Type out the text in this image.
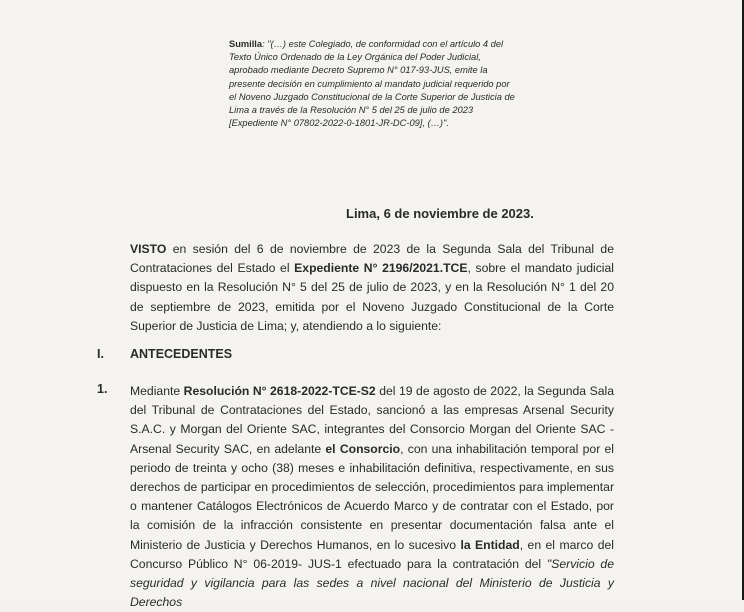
Sumilla: "(…) este Colegiado, de conformidad con el artículo 4 del Texto Único Ordenado de la Ley Orgánica del Poder Judicial, aprobado mediante Decreto Supremo N° 017-93-JUS, emite la presente decisión en cumplimiento al mandato judicial requerido por el Noveno Juzgado Constitucional de la Corte Superior de Justicia de Lima a través de la Resolución N° 5 del 25 de julio de 2023 [Expediente N° 07802-2022-0-1801-JR-DC-09], (…)".
Lima, 6 de noviembre de 2023.
VISTO en sesión del 6 de noviembre de 2023 de la Segunda Sala del Tribunal de Contrataciones del Estado el Expediente N° 2196/2021.TCE, sobre el mandato judicial dispuesto en la Resolución N° 5 del 25 de julio de 2023, y en la Resolución N° 1 del 20 de septiembre de 2023, emitida por el Noveno Juzgado Constitucional de la Corte Superior de Justicia de Lima; y, atendiendo a lo siguiente:
I. ANTECEDENTES
1. Mediante Resolución N° 2618-2022-TCE-S2 del 19 de agosto de 2022, la Segunda Sala del Tribunal de Contrataciones del Estado, sancionó a las empresas Arsenal Security S.A.C. y Morgan del Oriente SAC, integrantes del Consorcio Morgan del Oriente SAC - Arsenal Security SAC, en adelante el Consorcio, con una inhabilitación temporal por el periodo de treinta y ocho (38) meses e inhabilitación definitiva, respectivamente, en sus derechos de participar en procedimientos de selección, procedimientos para implementar o mantener Catálogos Electrónicos de Acuerdo Marco y de contratar con el Estado, por la comisión de la infracción consistente en presentar documentación falsa ante el Ministerio de Justicia y Derechos Humanos, en lo sucesivo la Entidad, en el marco del Concurso Público N° 06-2019- JUS-1 efectuado para la contratación del "Servicio de seguridad y vigilancia para las sedes a nivel nacional del Ministerio de Justicia y Derechos
